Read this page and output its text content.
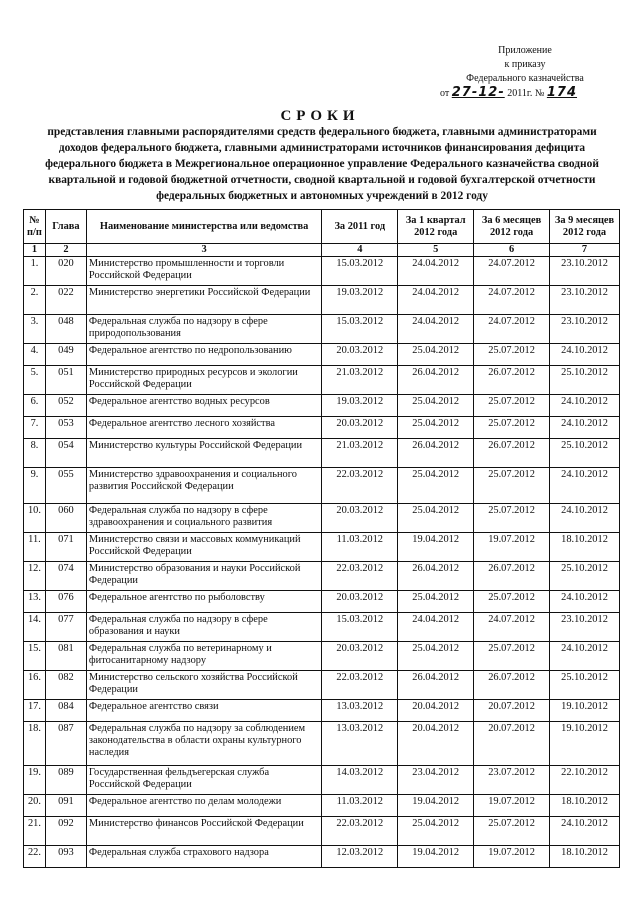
Приложение
к приказу
Федерального казначейства
от 27-12- 2011г. № 174
СРОКИ
представления главными распорядителями средств федерального бюджета, главными администраторами
доходов федерального бюджета, главными администраторами источников финансирования дефицита
федерального бюджета в Межрегиональное операционное управление Федерального казначейства сводной
квартальной и годовой бюджетной отчетности, сводной квартальной и годовой бухгалтерской отчетности
федеральных бюджетных и автономных учреждений в 2012 году
№ п/п	Глава	Наименование министерства или ведомства	За 2011 год	За 1 квартал 2012 года	За 6 месяцев 2012 года	За 9 месяцев 2012 года
1	2	3	4	5	6	7
1.	020	Министерство промышленности и торговли Российской Федерации	15.03.2012	24.04.2012	24.07.2012	23.10.2012
2.	022	Министерство энергетики Российской Федерации	19.03.2012	24.04.2012	24.07.2012	23.10.2012
3.	048	Федеральная служба по надзору в сфере природопользования	15.03.2012	24.04.2012	24.07.2012	23.10.2012
4.	049	Федеральное агентство по недропользованию	20.03.2012	25.04.2012	25.07.2012	24.10.2012
5.	051	Министерство природных ресурсов и экологии Российской Федерации	21.03.2012	26.04.2012	26.07.2012	25.10.2012
6.	052	Федеральное агентство водных ресурсов	19.03.2012	25.04.2012	25.07.2012	24.10.2012
7.	053	Федеральное агентство лесного хозяйства	20.03.2012	25.04.2012	25.07.2012	24.10.2012
8.	054	Министерство культуры Российской Федерации	21.03.2012	26.04.2012	26.07.2012	25.10.2012
9.	055	Министерство здравоохранения и социального развития Российской Федерации	22.03.2012	25.04.2012	25.07.2012	24.10.2012
10.	060	Федеральная служба по надзору в сфере здравоохранения и социального развития	20.03.2012	25.04.2012	25.07.2012	24.10.2012
11.	071	Министерство связи и массовых коммуникаций Российской Федерации	11.03.2012	19.04.2012	19.07.2012	18.10.2012
12.	074	Министерство образования и науки Российской Федерации	22.03.2012	26.04.2012	26.07.2012	25.10.2012
13.	076	Федеральное агентство по рыболовству	20.03.2012	25.04.2012	25.07.2012	24.10.2012
14.	077	Федеральная служба по надзору в сфере образования и науки	15.03.2012	24.04.2012	24.07.2012	23.10.2012
15.	081	Федеральная служба по ветеринарному и фитосанитарному надзору	20.03.2012	25.04.2012	25.07.2012	24.10.2012
16.	082	Министерство сельского хозяйства Российской Федерации	22.03.2012	26.04.2012	26.07.2012	25.10.2012
17.	084	Федеральное агентство связи	13.03.2012	20.04.2012	20.07.2012	19.10.2012
18.	087	Федеральная служба по надзору за соблюдением законодательства в области охраны культурного наследия	13.03.2012	20.04.2012	20.07.2012	19.10.2012
19.	089	Государственная фельдъегерская служба Российской Федерации	14.03.2012	23.04.2012	23.07.2012	22.10.2012
20.	091	Федеральное агентство по делам молодежи	11.03.2012	19.04.2012	19.07.2012	18.10.2012
21.	092	Министерство финансов Российской Федерации	22.03.2012	25.04.2012	25.07.2012	24.10.2012
22.	093	Федеральная служба страхового надзора	12.03.2012	19.04.2012	19.07.2012	18.10.2012
